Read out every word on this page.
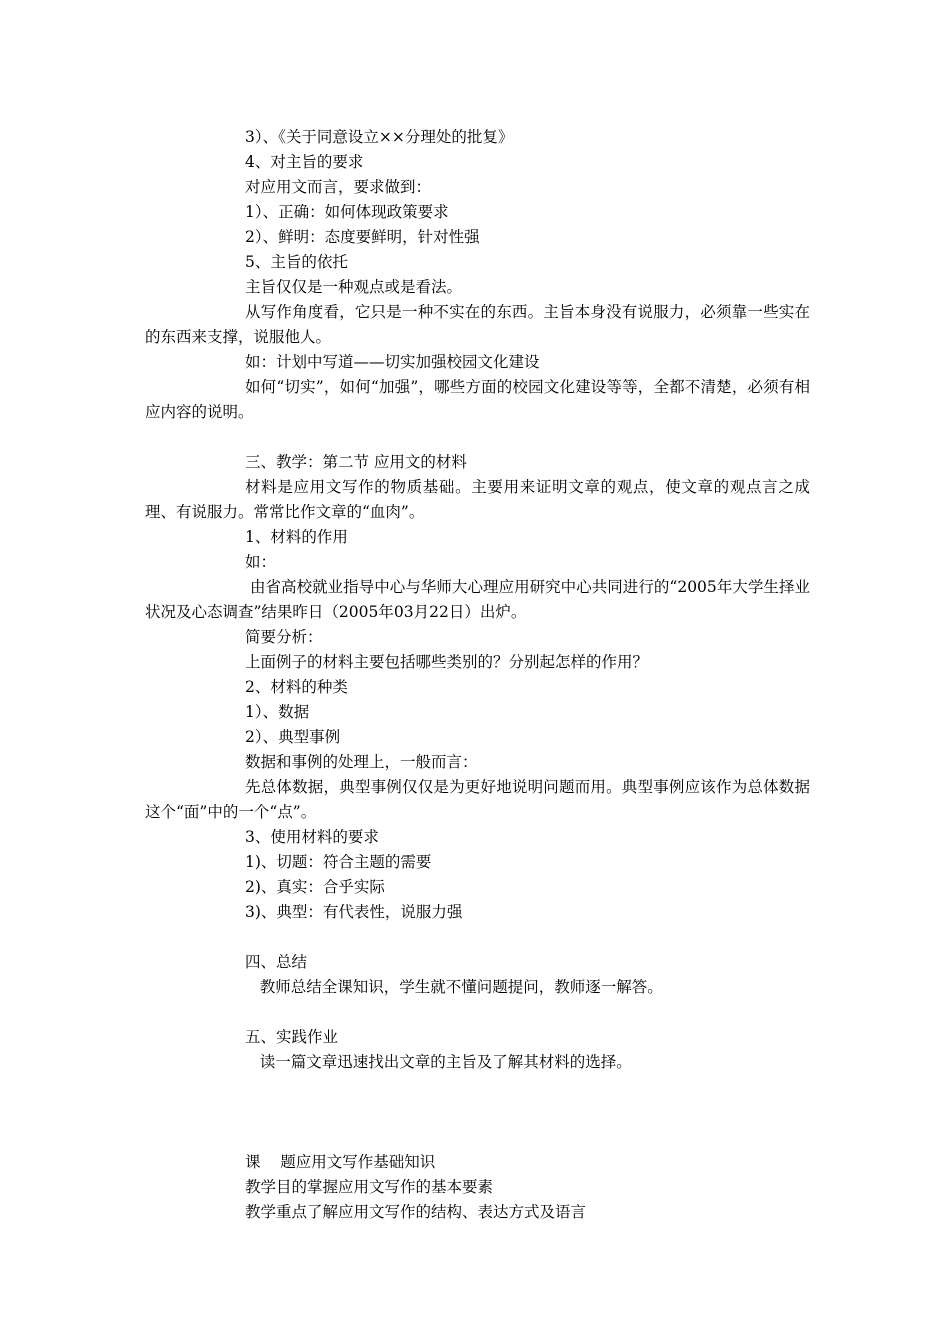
3）、《关于同意设立××分理处的批复》

4、对主旨的要求

对应用文而言，要求做到：

1）、正确：如何体现政策要求

2）、鲜明：态度要鲜明，针对性强

5、主旨的依托

主旨仅仅是一种观点或是看法。

从写作角度看，它只是一种不实在的东西。主旨本身没有说服力，必须靠一些实在的东西来支撑，说服他人。

如：计划中写道——切实加强校园文化建设

如何“切实”，如何“加强”，哪些方面的校园文化建设等等，全都不清楚，必须有相应内容的说明。

三、教学：第二节 应用文的材料

材料是应用文写作的物质基础。主要用来证明文章的观点，使文章的观点言之成理、有说服力。常常比作文章的“血肉”。

1、材料的作用

如：

由省高校就业指导中心与华师大心理应用研究中心共同进行的“2005年大学生择业状况及心态调查”结果昨日（2005年03月22日）出炉。

简要分析：

上面例子的材料主要包括哪些类别的？分别起怎样的作用？

2、材料的种类

1）、数据

2）、典型事例

数据和事例的处理上，一般而言：

先总体数据，典型事例仅仅是为更好地说明问题而用。典型事例应该作为总体数据这个“面”中的一个“点”。

3、使用材料的要求

1)、切题：符合主题的需要

2)、真实：合乎实际

3)、典型：有代表性，说服力强

四、总结

教师总结全课知识，学生就不懂问题提问，教师逐一解答。

五、实践作业

读一篇文章迅速找出文章的主旨及了解其材料的选择。

课    题应用文写作基础知识

教学目的掌握应用文写作的基本要素

教学重点了解应用文写作的结构、表达方式及语言
